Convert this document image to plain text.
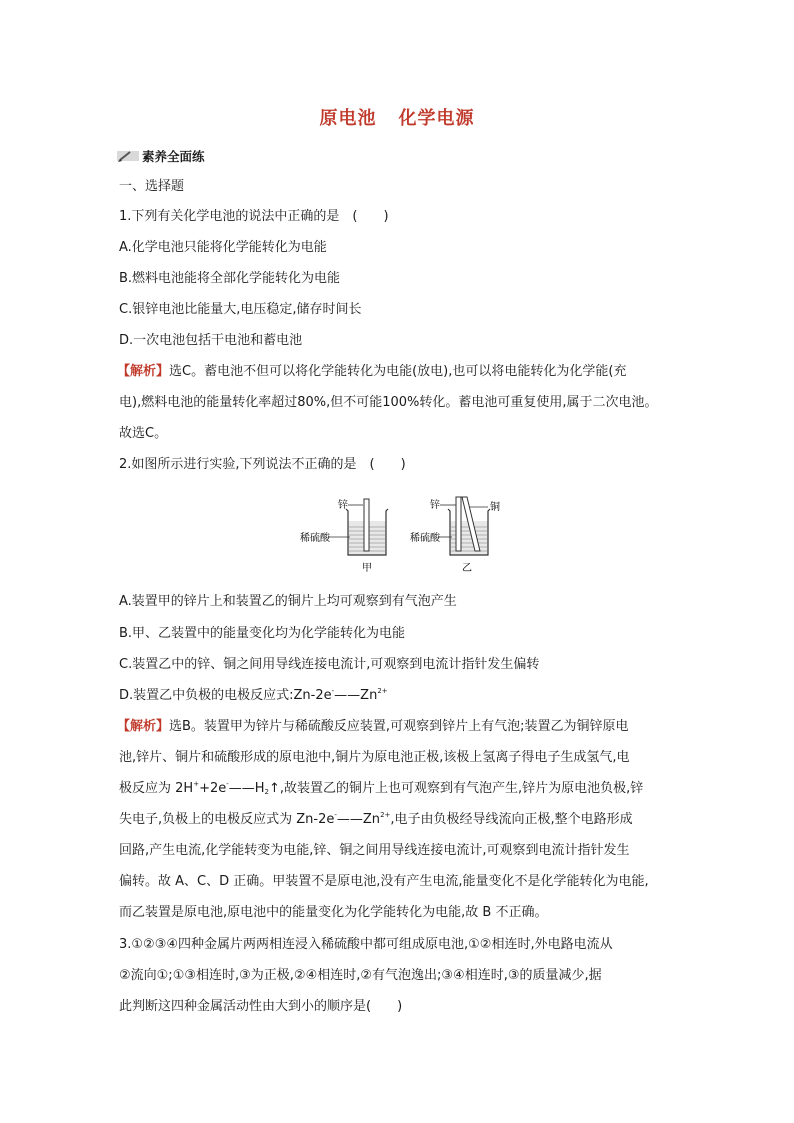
原电池 化学电源
素养全面练
一、选择题
1.下列有关化学电池的说法中正确的是　(　　)
A.化学电池只能将化学能转化为电能
B.燃料电池能将全部化学能转化为电能
C.银锌电池比能量大,电压稳定,储存时间长
D.一次电池包括干电池和蓄电池
【解析】选C。蓄电池不但可以将化学能转化为电能(放电),也可以将电能转化为化学能(充
电),燃料电池的能量转化率超过80%,但不可能100%转化。蓄电池可重复使用,属于二次电池。
故选C。
2.如图所示进行实验,下列说法不正确的是　(　　)
锌
稀硫酸
甲
锌	铜
稀硫酸
乙
A.装置甲的锌片上和装置乙的铜片上均可观察到有气泡产生
B.甲、乙装置中的能量变化均为化学能转化为电能
C.装置乙中的锌、铜之间用导线连接电流计,可观察到电流计指针发生偏转
D.装置乙中负极的电极反应式$:Zn-2e^-——Zn^{2+}$
【解析】选B。装置甲为锌片与稀硫酸反应装置,可观察到锌片上有气泡;装置乙为铜锌原电
池,锌片、铜片和硫酸形成的原电池中,铜片为原电池正极,该极上氢离子得电子生成氢气,电
极反应为 $2H^++2e^-——H_2↑$,故装置乙的铜片上也可观察到有气泡产生,锌片为原电池负极,锌
失电子,负极上的电极反应式为 $Zn-2e^-——Zn^{2+}$,电子由负极经导线流向正极,整个电路形成
回路,产生电流,化学能转变为电能,锌、铜之间用导线连接电流计,可观察到电流计指针发生
偏转。故 A、C、D 正确。甲装置不是原电池,没有产生电流,能量变化不是化学能转化为电能,
而乙装置是原电池,原电池中的能量变化为化学能转化为电能,故 B 不正确。
3.①②③④四种金属片两两相连浸入稀硫酸中都可组成原电池,①②相连时,外电路电流从
②流向①;①③相连时,③为正极,②④相连时,②有气泡逸出;③④相连时,③的质量减少,据
此判断这四种金属活动性由大到小的顺序是(　　)
